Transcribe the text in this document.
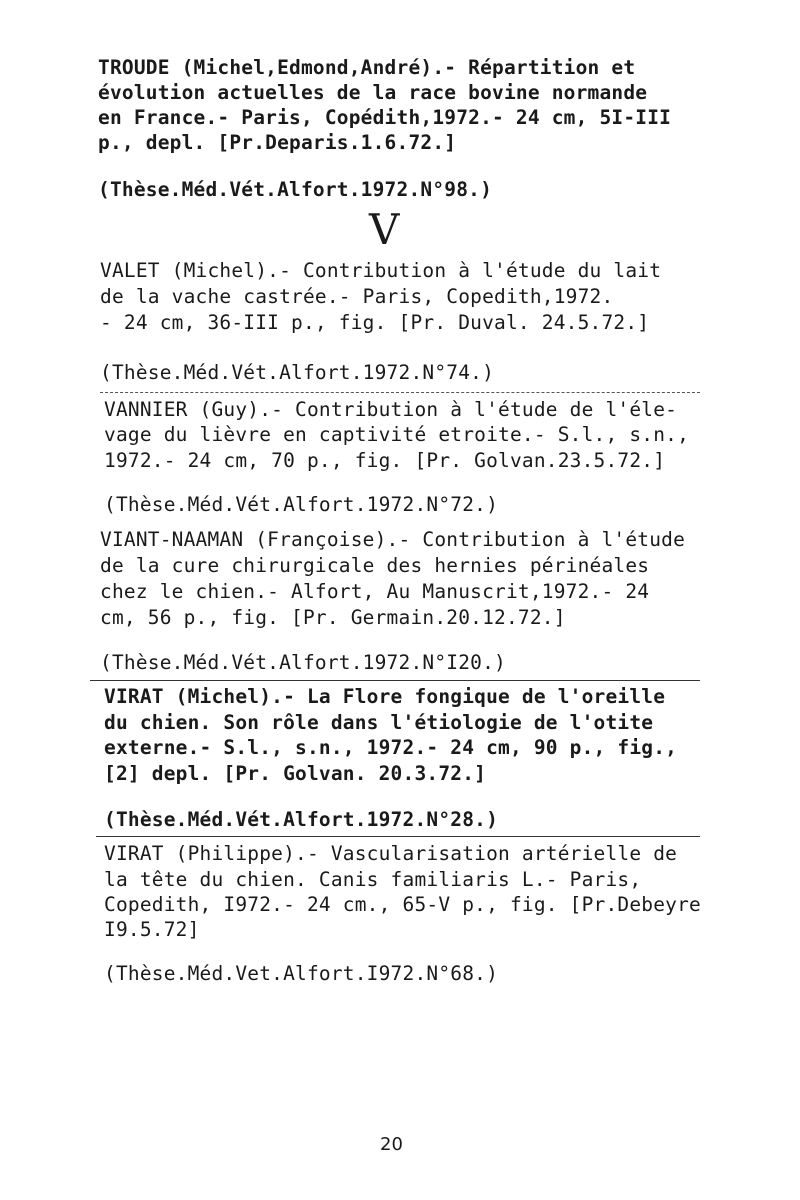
TROUDE (Michel,Edmond,André).- Répartition et
évolution actuelles de la race bovine normande
en France.- Paris, Copédith,1972.- 24 cm, 5I-III
p., depl. [Pr.Deparis.1.6.72.]
(Thèse.Méd.Vét.Alfort.1972.N°98.)
V
VALET (Michel).- Contribution à l'étude du lait
de la vache castrée.- Paris, Copedith,1972.
- 24 cm, 36-III p., fig. [Pr. Duval. 24.5.72.]
(Thèse.Méd.Vét.Alfort.1972.N°74.)
VANNIER (Guy).- Contribution à l'étude de l'éle-
vage du lièvre en captivité etroite.- S.l., s.n.,
1972.- 24 cm, 70 p., fig. [Pr. Golvan.23.5.72.]
(Thèse.Méd.Vét.Alfort.1972.N°72.)
VIANT-NAAMAN (Françoise).- Contribution à l'étude
de la cure chirurgicale des hernies périnéales
chez le chien.- Alfort, Au Manuscrit,1972.- 24
cm, 56 p., fig. [Pr. Germain.20.12.72.]
(Thèse.Méd.Vét.Alfort.1972.N°I20.)
VIRAT (Michel).- La Flore fongique de l'oreille
du chien. Son rôle dans l'étiologie de l'otite
externe.- S.l., s.n., 1972.- 24 cm, 90 p., fig.,
[2] depl. [Pr. Golvan. 20.3.72.]
(Thèse.Méd.Vét.Alfort.1972.N°28.)
VIRAT (Philippe).- Vascularisation artérielle de
la tête du chien. Canis familiaris L.- Paris,
Copedith, I972.- 24 cm., 65-V p., fig. [Pr.Debeyre
I9.5.72]
(Thèse.Méd.Vet.Alfort.I972.N°68.)
20
